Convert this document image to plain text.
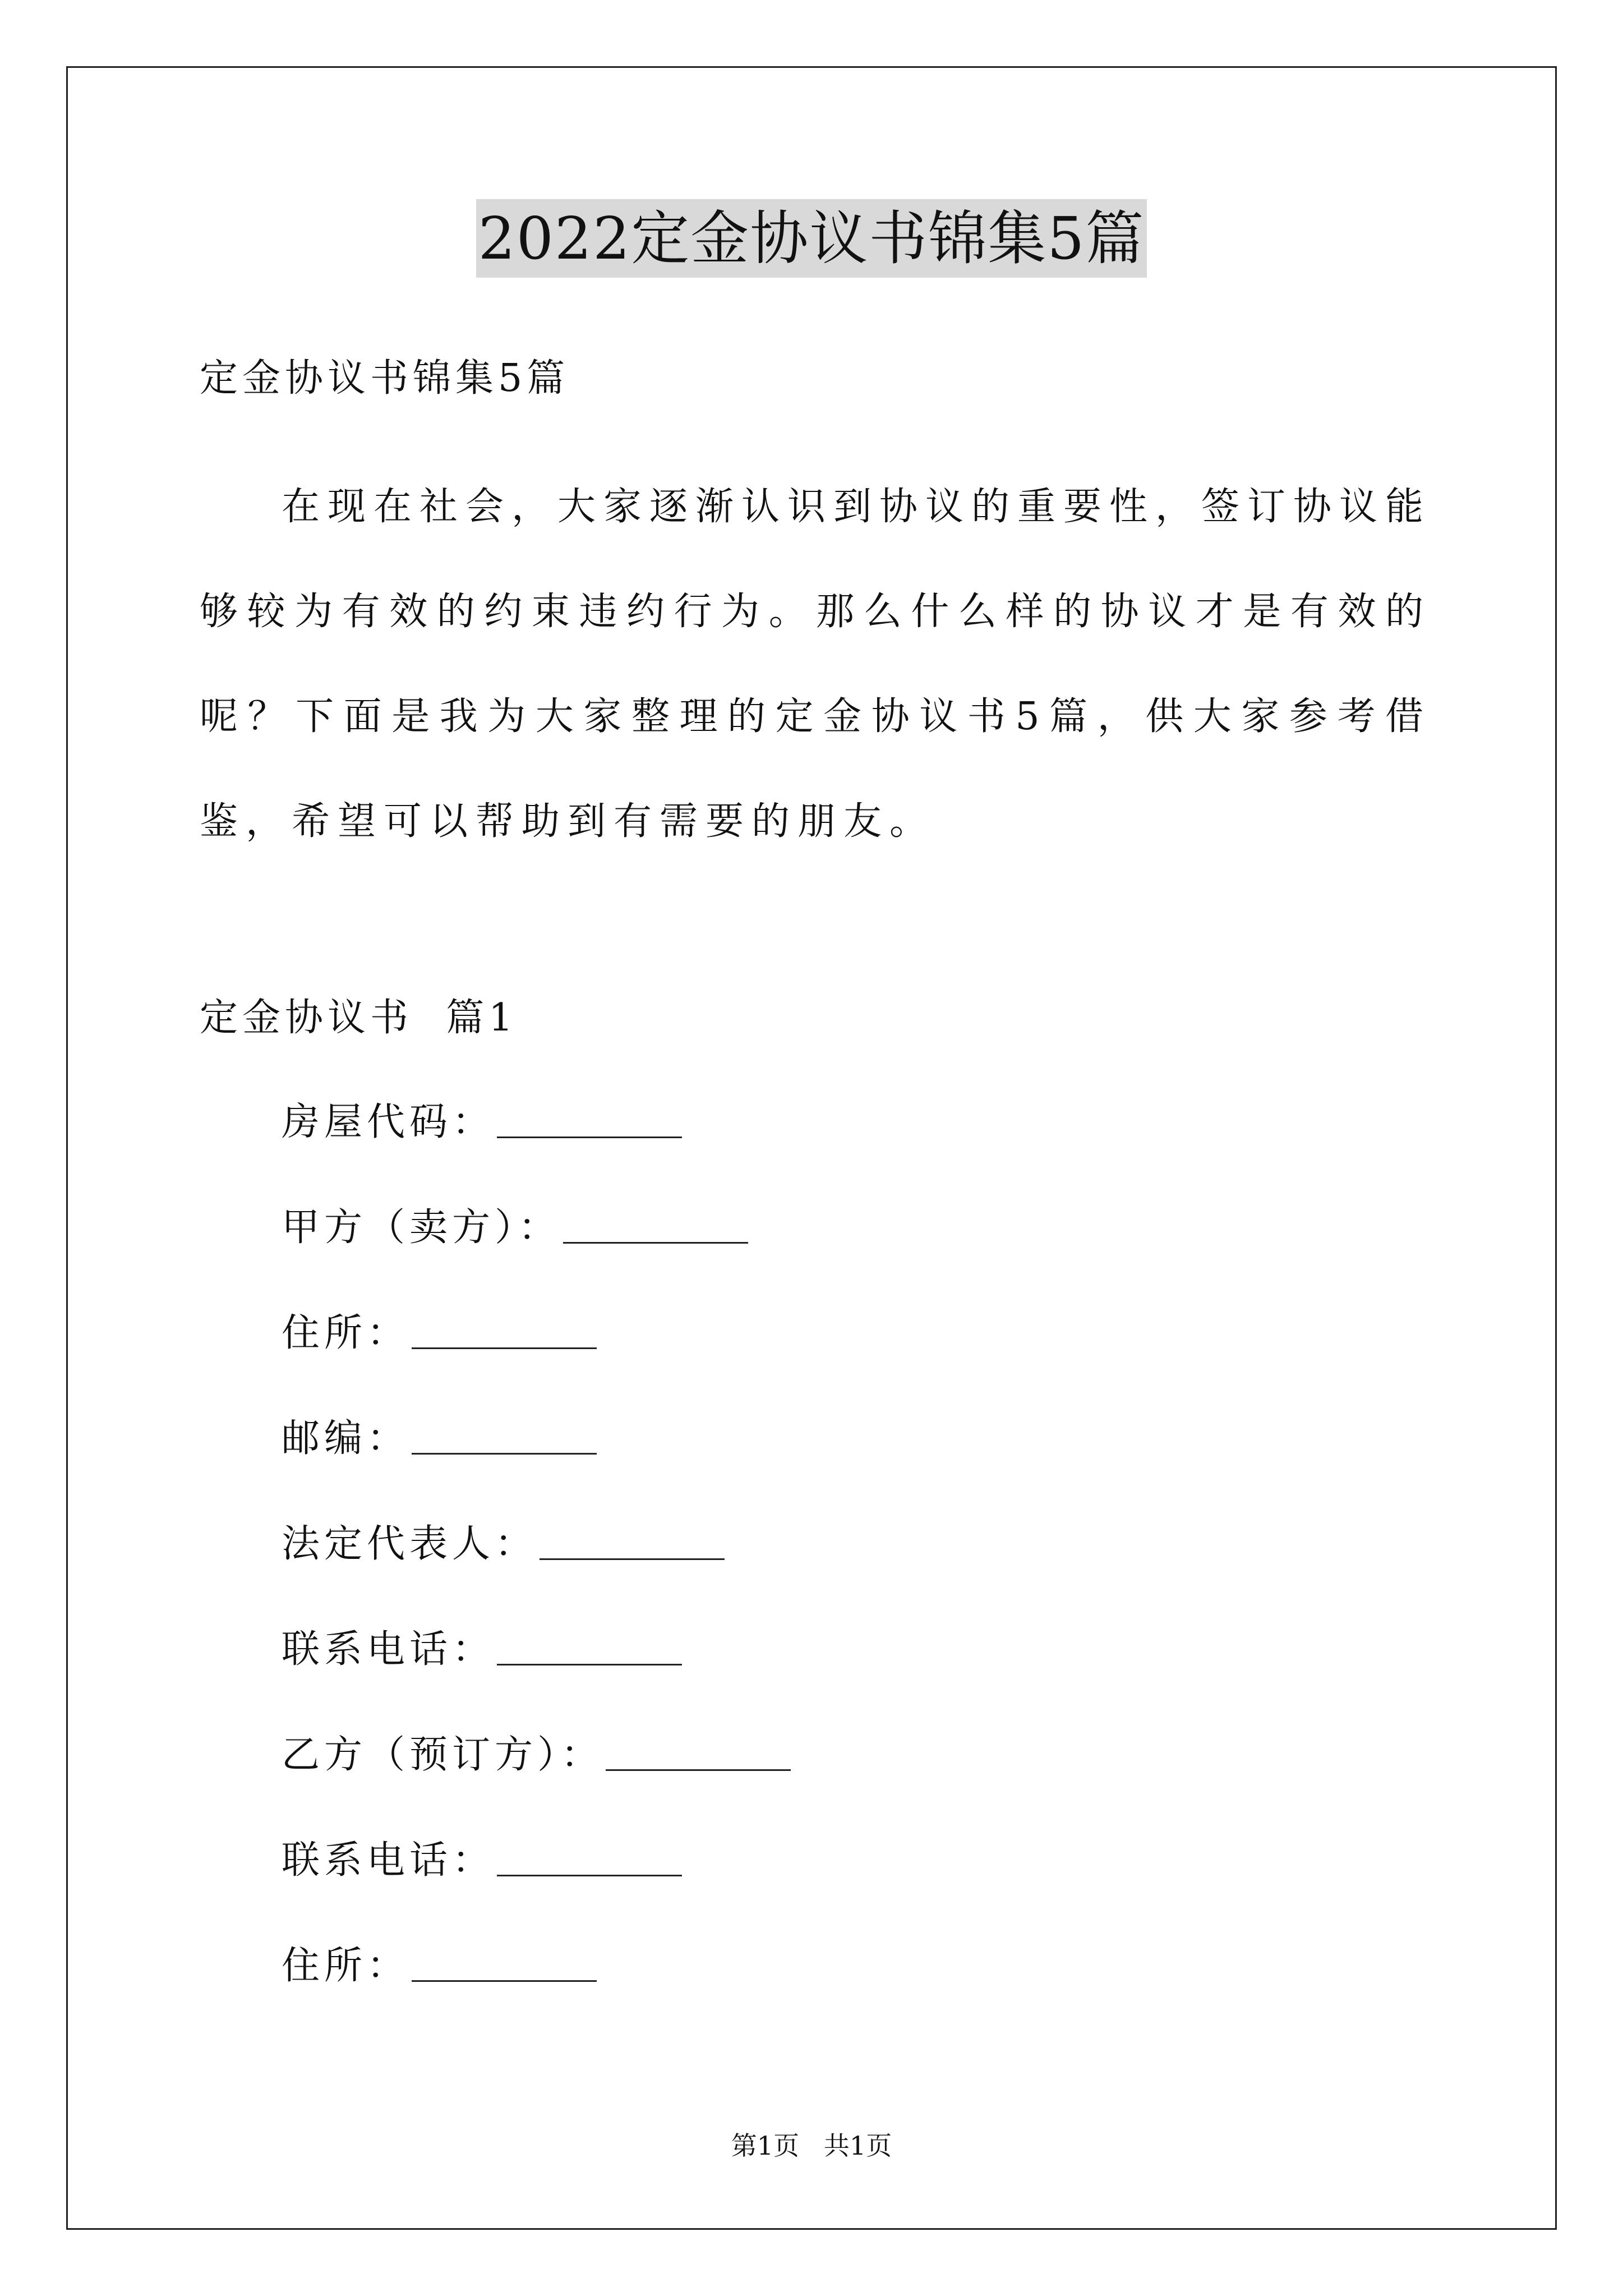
2022定金协议书锦集5篇
定金协议书锦集5篇

在现在社会，大家逐渐认识到协议的重要性，签订协议能够较为有效的约束违约行为。那么什么样的协议才是有效的呢？下面是我为大家整理的定金协议书5篇，供大家参考借鉴，希望可以帮助到有需要的朋友。

定金协议书  篇1
房屋代码：
甲方（卖方）：
住所：
邮编：
法定代表人：
联系电话：
乙方（预订方）：
联系电话：
住所：
第1页   共1页
